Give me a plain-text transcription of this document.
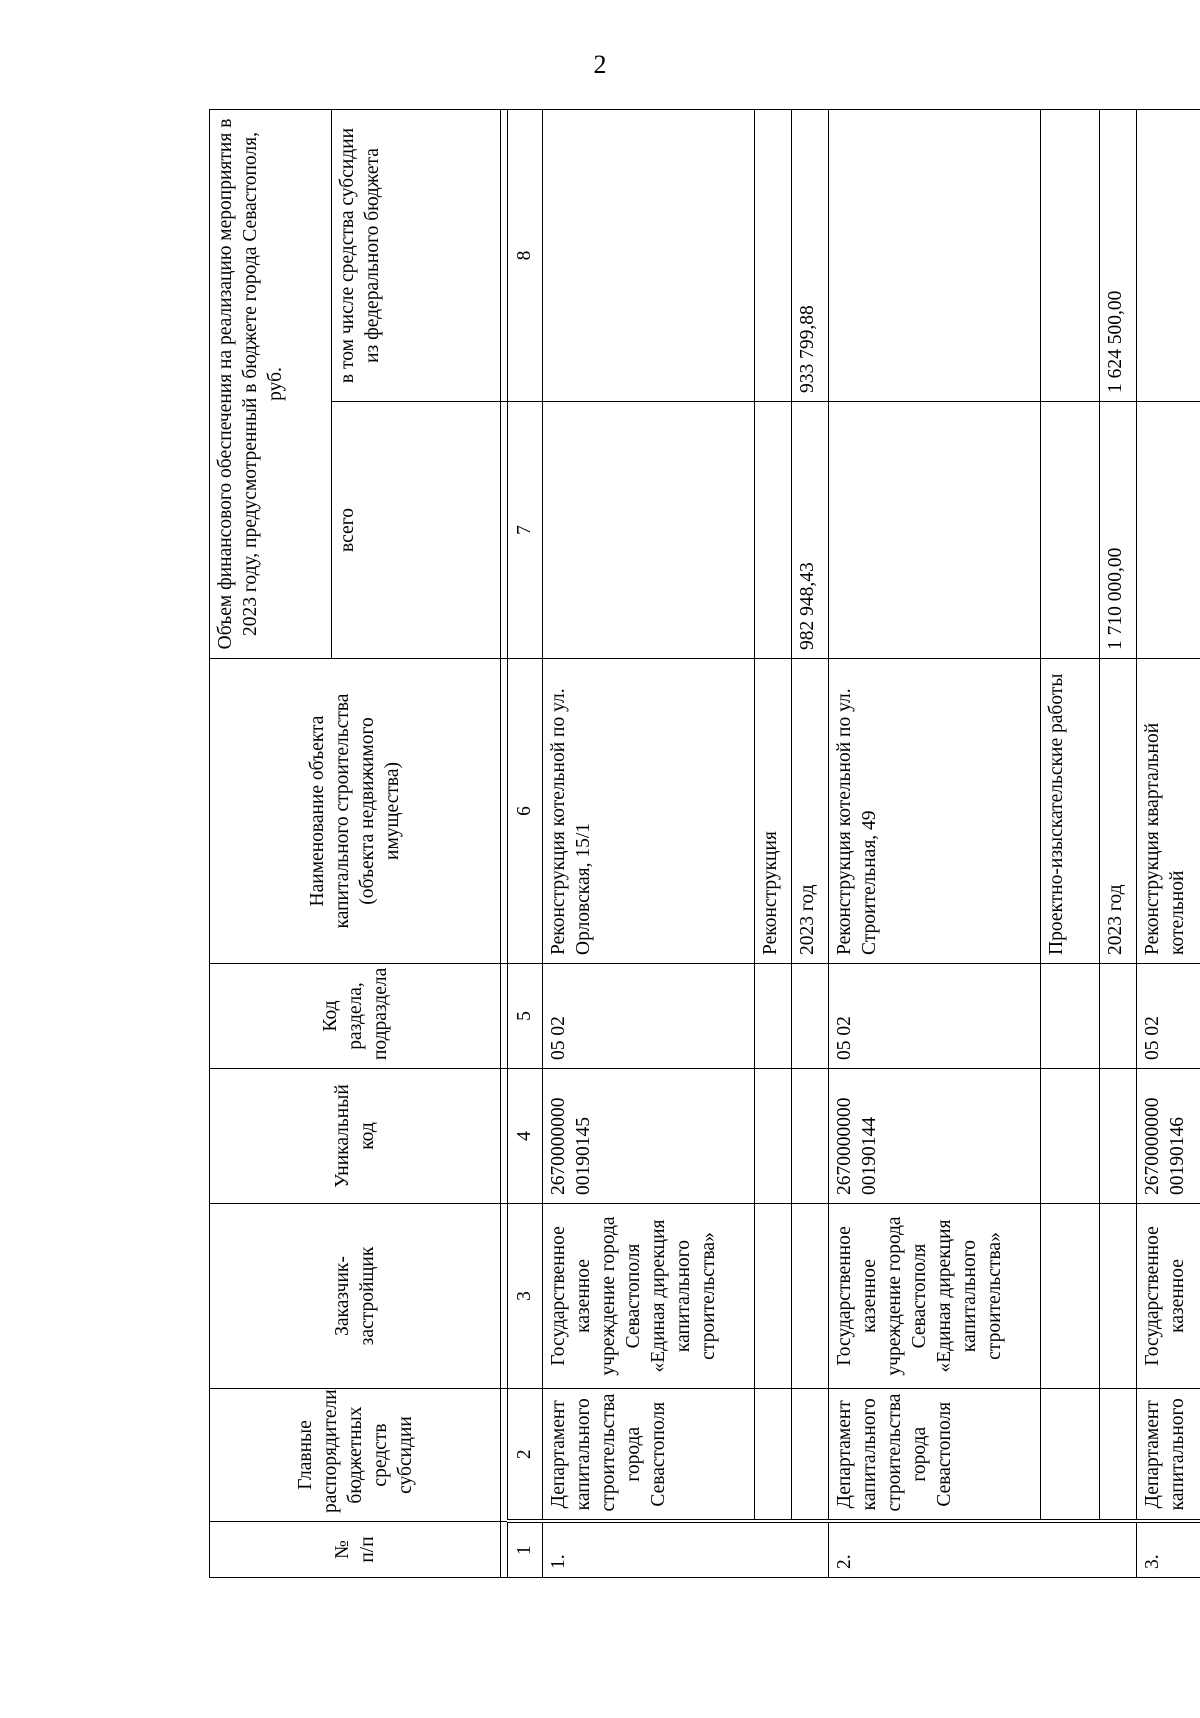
2
№ п/п	Главные распорядители бюджетных средств субсидии	Заказчик-застройщик	Уникальный код	Код раздела, подраздела	Наименование объекта капитального строительства (объекта недвижимого имущества)	Объем финансового обеспечения на реализацию мероприятия в 2023 году, предусмотренный в бюджете города Севастополя, руб.	
						всего	в том числе средства субсидии из федерального бюджета

1	2	3	4	5	6	7	8
1.	Департамент капитального строительства города Севастополя	Государственное казенное учреждение города Севастополя «Единая дирекция капитального строительства»	2670000000 00190145	05 02	Реконструкция котельной по ул. Орловская, 15/1		
					Реконструкция		
					2023 год	982 948,43	933 799,88
2.	Департамент капитального строительства города Севастополя	Государственное казенное учреждение города Севастополя «Единая дирекция капитального строительства»	2670000000 00190144	05 02	Реконструкция котельной по ул. Строительная, 49		
					Проектно-изыскательские работы		
					2023 год	1 710 000,00	1 624 500,00
3.	Департамент капитального	Государственное казенное	2670000000 00190146	05 02	Реконструкция квартальной котельной		
